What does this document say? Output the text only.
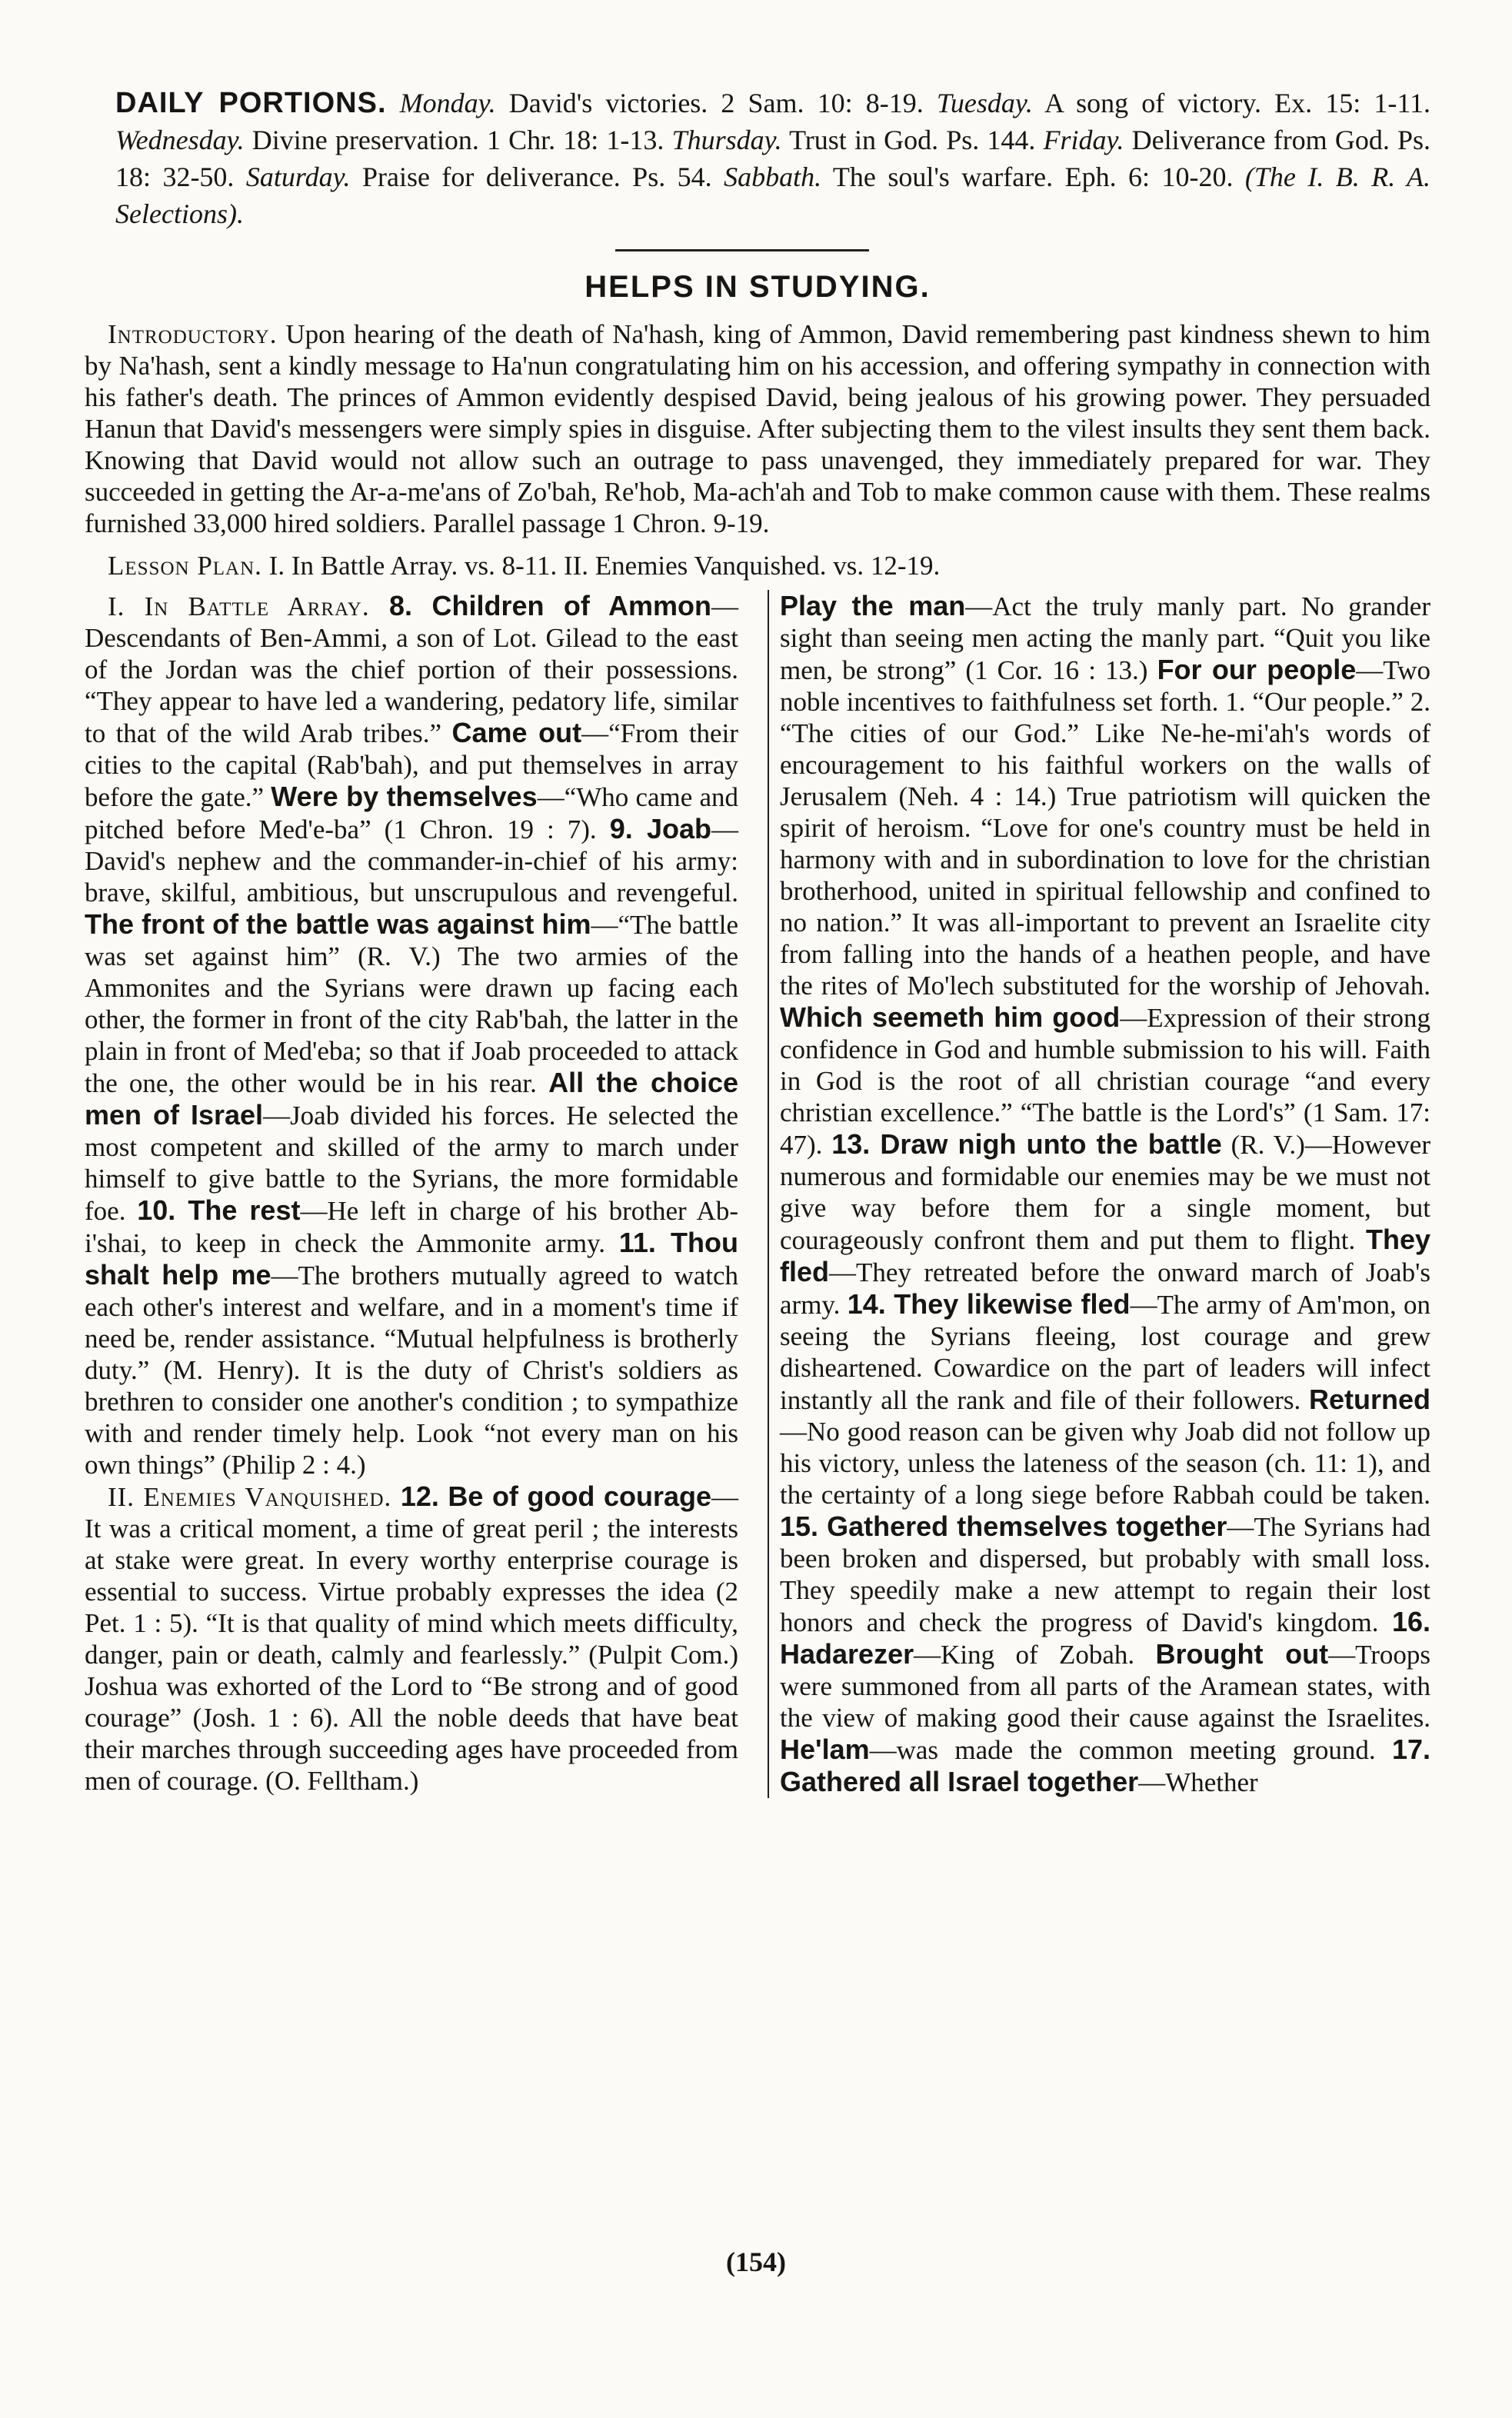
DAILY PORTIONS. Monday. David's victories. 2 Sam. 10: 8-19. Tuesday. A song of victory. Ex. 15: 1-11. Wednesday. Divine preservation. 1 Chr. 18: 1-13. Thursday. Trust in God. Ps. 144. Friday. Deliverance from God. Ps. 18: 32-50. Saturday. Praise for deliverance. Ps. 54. Sabbath. The soul's warfare. Eph. 6: 10-20. (The I. B. R. A. Selections).

HELPS IN STUDYING.

Introductory. Upon hearing of the death of Na'hash, king of Ammon, David remembering past kindness shewn to him by Na'hash, sent a kindly message to Ha'nun congratulating him on his accession, and offering sympathy in connection with his father's death. The princes of Ammon evidently despised David, being jealous of his growing power. They persuaded Hanun that David's messengers were simply spies in disguise. After subjecting them to the vilest insults they sent them back. Knowing that David would not allow such an outrage to pass unavenged, they immediately prepared for war. They succeeded in getting the Ar-a-me'ans of Zo'bah, Re'hob, Ma-ach'ah and Tob to make common cause with them. These realms furnished 33,000 hired soldiers. Parallel passage 1 Chron. 9-19.

Lesson Plan. I. In Battle Array. vs. 8-11. II. Enemies Vanquished. vs. 12-19.

I. In Battle Array. 8. Children of Ammon—Descendants of Ben-Ammi, a son of Lot. Gilead to the east of the Jordan was the chief portion of their possessions. “They appear to have led a wandering, pedatory life, similar to that of the wild Arab tribes.” Came out—“From their cities to the capital (Rab'bah), and put themselves in array before the gate.” Were by themselves—“Who came and pitched before Med'e-ba” (1 Chron. 19 : 7). 9. Joab—David's nephew and the commander-in-chief of his army: brave, skilful, ambitious, but unscrupulous and revengeful. The front of the battle was against him—“The battle was set against him” (R. V.) The two armies of the Ammonites and the Syrians were drawn up facing each other, the former in front of the city Rab'bah, the latter in the plain in front of Med'eba; so that if Joab proceeded to attack the one, the other would be in his rear. All the choice men of Israel—Joab divided his forces. He selected the most competent and skilled of the army to march under himself to give battle to the Syrians, the more formidable foe. 10. The rest—He left in charge of his brother Ab-i'shai, to keep in check the Ammonite army. 11. Thou shalt help me—The brothers mutually agreed to watch each other's interest and welfare, and in a moment's time if need be, render assistance. “Mutual helpfulness is brotherly duty.” (M. Henry). It is the duty of Christ's soldiers as brethren to consider one another's condition ; to sympathize with and render timely help. Look “not every man on his own things” (Philip 2 : 4.)
II. Enemies Vanquished. 12. Be of good courage—It was a critical moment, a time of great peril ; the interests at stake were great. In every worthy enterprise courage is essential to success. Virtue probably expresses the idea (2 Pet. 1 : 5). “It is that quality of mind which meets difficulty, danger, pain or death, calmly and fearlessly.” (Pulpit Com.) Joshua was exhorted of the Lord to “Be strong and of good courage” (Josh. 1 : 6). All the noble deeds that have beat their marches through succeeding ages have proceeded from men of courage. (O. Felltham.)

Play the man—Act the truly manly part. No grander sight than seeing men acting the manly part. “Quit you like men, be strong” (1 Cor. 16 : 13.) For our people—Two noble incentives to faithfulness set forth. 1. “Our people.” 2. “The cities of our God.” Like Ne-he-mi'ah's words of encouragement to his faithful workers on the walls of Jerusalem (Neh. 4 : 14.) True patriotism will quicken the spirit of heroism. “Love for one's country must be held in harmony with and in subordination to love for the christian brotherhood, united in spiritual fellowship and confined to no nation.” It was all-important to prevent an Israelite city from falling into the hands of a heathen people, and have the rites of Mo'lech substituted for the worship of Jehovah. Which seemeth him good—Expression of their strong confidence in God and humble submission to his will. Faith in God is the root of all christian courage “and every christian excellence.” “The battle is the Lord's” (1 Sam. 17: 47). 13. Draw nigh unto the battle (R. V.)—However numerous and formidable our enemies may be we must not give way before them for a single moment, but courageously confront them and put them to flight. They fled—They retreated before the onward march of Joab's army. 14. They likewise fled—The army of Am'mon, on seeing the Syrians fleeing, lost courage and grew disheartened. Cowardice on the part of leaders will infect instantly all the rank and file of their followers. Returned—No good reason can be given why Joab did not follow up his victory, unless the lateness of the season (ch. 11: 1), and the certainty of a long siege before Rabbah could be taken. 15. Gathered themselves together—The Syrians had been broken and dispersed, but probably with small loss. They speedily make a new attempt to regain their lost honors and check the progress of David's kingdom. 16. Hadarezer—King of Zobah. Brought out—Troops were summoned from all parts of the Aramean states, with the view of making good their cause against the Israelites. He'lam—was made the common meeting ground. 17. Gathered all Israel together—Whether

(154)
